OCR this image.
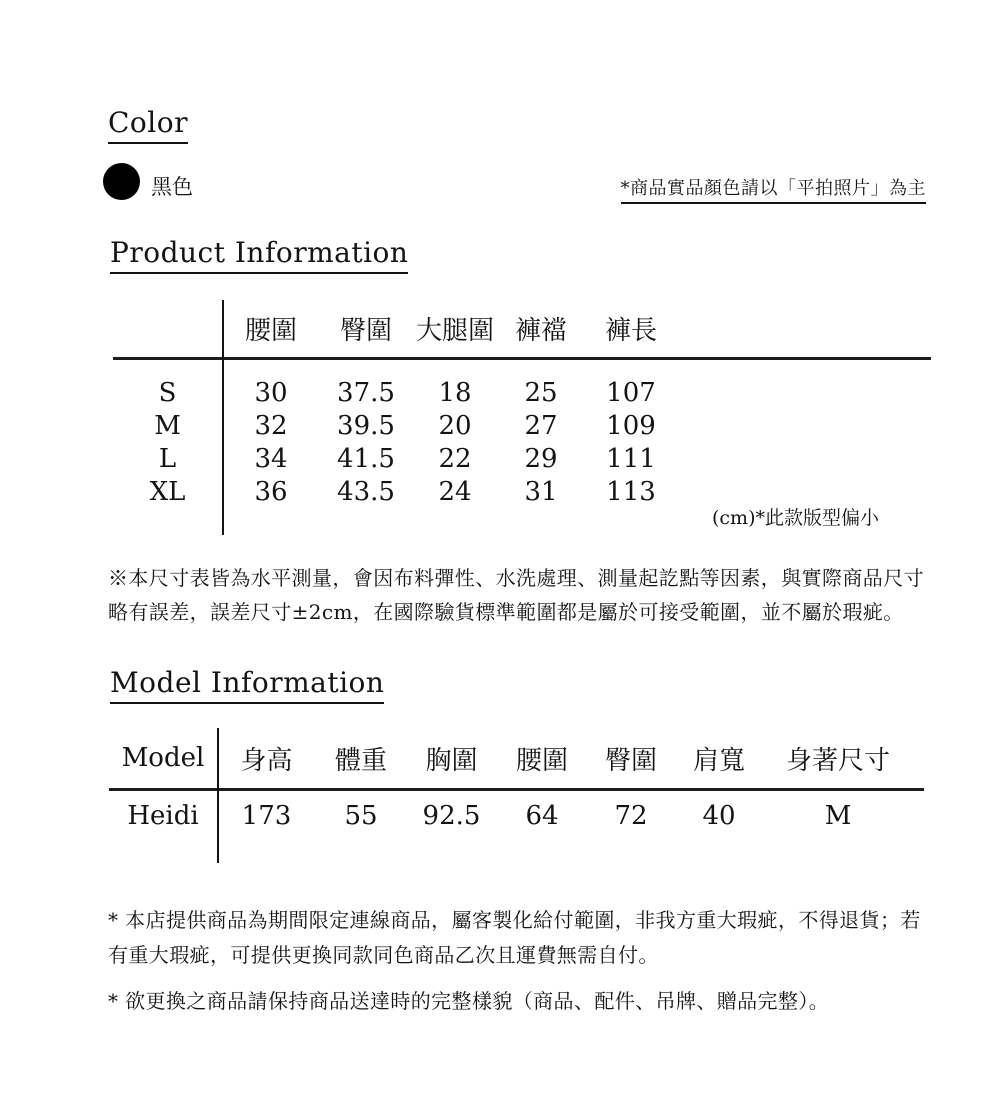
Color
黑色	*商品實品顏色請以「平拍照片」為主
Product Information
腰圍	臀圍 大腿圍 褲襠	褲長
S	30	37.5	18	25	107
M	32	39.5	20	27	109
L	34	41.5	22	29	111
XL	36	43.5	24	31	113
(cm)*此款版型偏小
※本尺寸表皆為水平測量，會因布料彈性、水洗處理、測量起訖點等因素，與實際商品尺寸
略有誤差，誤差尺寸±2cm，在國際驗貨標準範圍都是屬於可接受範圍，並不屬於瑕疵。
Model Information
Model	身高	體重	胸圍	腰圍	臀圍	肩寬	身著尺寸
Heidi	173	55	92.5	64	72	40	M
* 本店提供商品為期間限定連線商品，屬客製化給付範圍，非我方重大瑕疵，不得退貨；若
有重大瑕疵，可提供更換同款同色商品乙次且運費無需自付。
* 欲更換之商品請保持商品送達時的完整樣貌（商品、配件、吊牌、贈品完整）。
